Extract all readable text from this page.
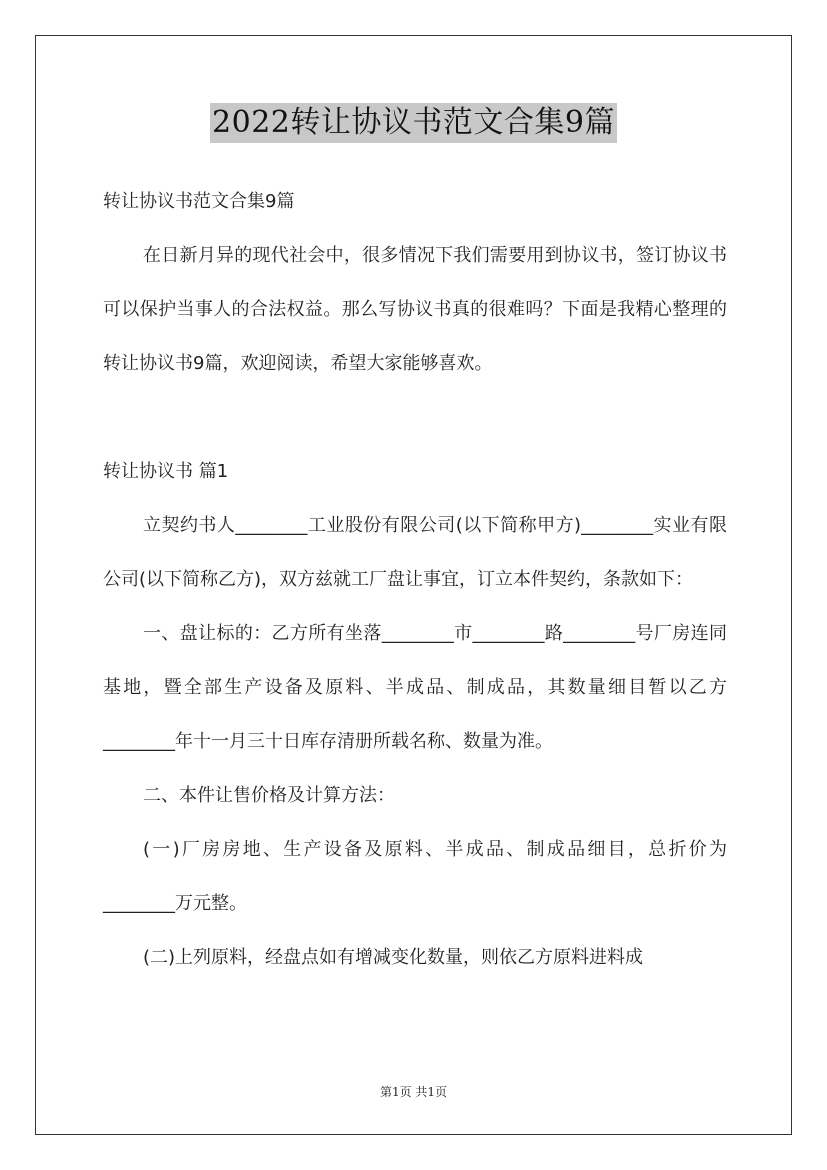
2022转让协议书范文合集9篇

转让协议书范文合集9篇

在日新月异的现代社会中，很多情况下我们需要用到协议书，签订协议书可以保护当事人的合法权益。那么写协议书真的很难吗？下面是我精心整理的转让协议书9篇，欢迎阅读，希望大家能够喜欢。

转让协议书 篇1

立契约书人________工业股份有限公司(以下简称甲方)________实业有限公司(以下简称乙方)，双方兹就工厂盘让事宜，订立本件契约，条款如下：

一、盘让标的：乙方所有坐落________市________路________号厂房连同基地，暨全部生产设备及原料、半成品、制成品，其数量细目暂以乙方________年十一月三十日库存清册所载名称、数量为准。

二、本件让售价格及计算方法：

(一)厂房房地、生产设备及原料、半成品、制成品细目，总折价为________万元整。

(二)上列原料，经盘点如有增减变化数量，则依乙方原料进料成

第1页 共1页
